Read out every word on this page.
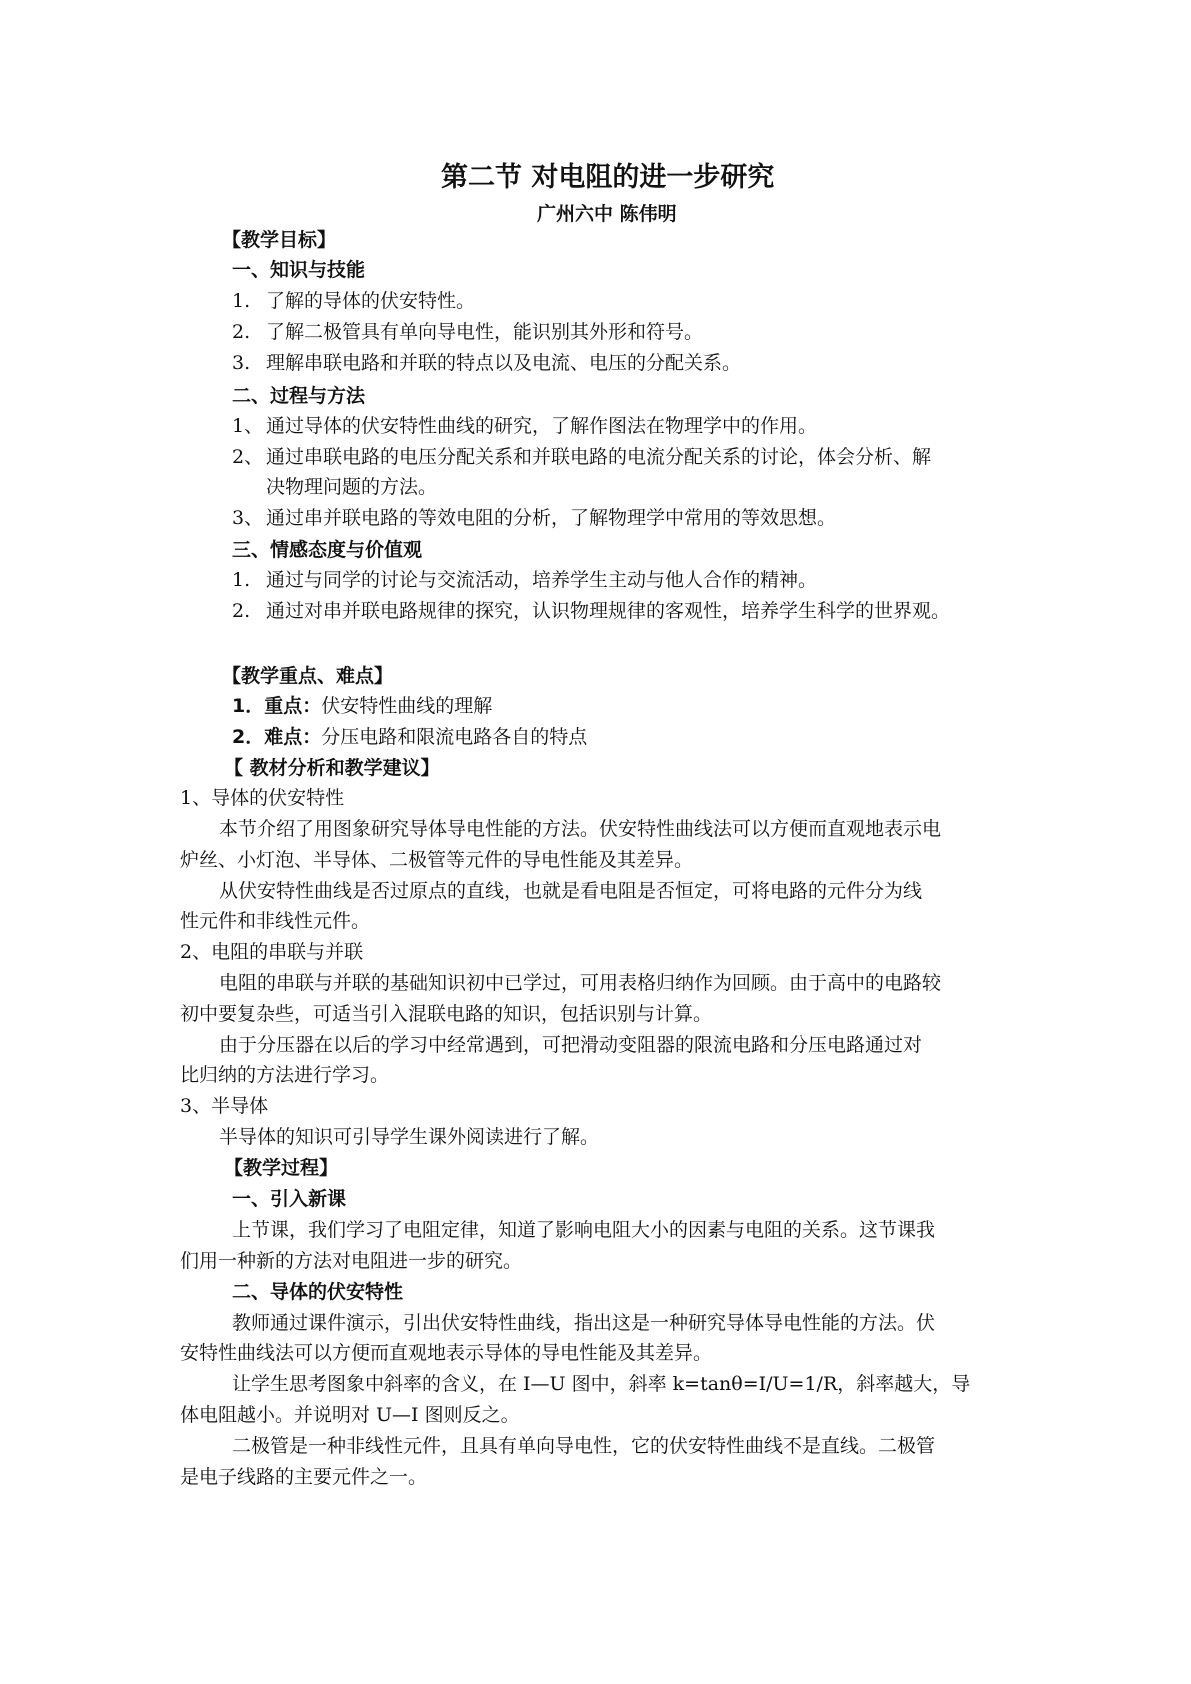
第二节 对电阻的进一步研究
广州六中 陈伟明
【教学目标】
一、知识与技能
1. 了解的导体的伏安特性。
2. 了解二极管具有单向导电性，能识别其外形和符号。
3. 理解串联电路和并联的特点以及电流、电压的分配关系。
二、过程与方法
1、 通过导体的伏安特性曲线的研究，了解作图法在物理学中的作用。
2、 通过串联电路的电压分配关系和并联电路的电流分配关系的讨论，体会分析、解
决物理问题的方法。
3、 通过串并联电路的等效电阻的分析，了解物理学中常用的等效思想。
三、情感态度与价值观
1. 通过与同学的讨论与交流活动，培养学生主动与他人合作的精神。
2. 通过对串并联电路规律的探究，认识物理规律的客观性，培养学生科学的世界观。
【教学重点、难点】
1．重点：伏安特性曲线的理解
2．难点：分压电路和限流电路各自的特点
【 教材分析和教学建议】
1、导体的伏安特性
本节介绍了用图象研究导体导电性能的方法。伏安特性曲线法可以方便而直观地表示电
炉丝、小灯泡、半导体、二极管等元件的导电性能及其差异。
从伏安特性曲线是否过原点的直线，也就是看电阻是否恒定，可将电路的元件分为线
性元件和非线性元件。
2、电阻的串联与并联
电阻的串联与并联的基础知识初中已学过，可用表格归纳作为回顾。由于高中的电路较
初中要复杂些，可适当引入混联电路的知识，包括识别与计算。
由于分压器在以后的学习中经常遇到，可把滑动变阻器的限流电路和分压电路通过对
比归纳的方法进行学习。
3、半导体
半导体的知识可引导学生课外阅读进行了解。
【教学过程】
一、引入新课
上节课，我们学习了电阻定律，知道了影响电阻大小的因素与电阻的关系。这节课我
们用一种新的方法对电阻进一步的研究。
二、导体的伏安特性
教师通过课件演示，引出伏安特性曲线，指出这是一种研究导体导电性能的方法。伏
安特性曲线法可以方便而直观地表示导体的导电性能及其差异。
让学生思考图象中斜率的含义，在 I—U 图中，斜率 k=tanθ=I/U=1/R，斜率越大，导
体电阻越小。并说明对 U—I 图则反之。
二极管是一种非线性元件，且具有单向导电性，它的伏安特性曲线不是直线。二极管
是电子线路的主要元件之一。
